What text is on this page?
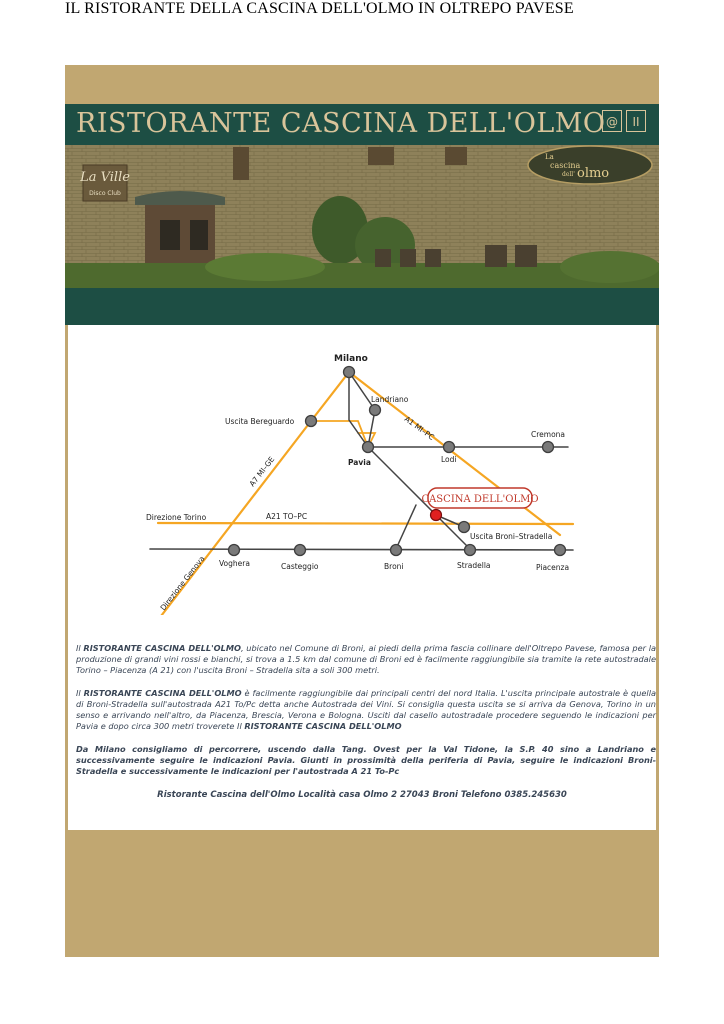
IL RISTORANTE DELLA CASCINA DELL'OLMO IN OLTREPO PAVESE
RISTORANTE CASCINA DELL'OLMO @	II
La Ville
Disco Club
La
cascina
dell' olmo
CASCINA DELL'OLMO
Milano
Landriano
Uscita Bereguardo	A1 MI–PC	Cremona
Pavia	Lodi
A7 MI–GE
Direzione Torino	A21 TO–PC
Uscita Broni–Stradella
Voghera	Casteggio	Broni	Stradella	Piacenza
Direzione Genova
Il RISTORANTE CASCINA DELL'OLMO, ubicato nel Comune di Broni, ai piedi della prima fascia collinare dell'Oltrepo Pavese, famosa per la produzione di grandi vini rossi e bianchi, si trova a 1.5 km dal comune di Broni ed è facilmente raggiungibile sia tramite la rete autostradale Torino – Piacenza (A 21) con l'uscita Broni – Stradella sita a soli 300 metri.
Il RISTORANTE CASCINA DELL'OLMO è facilmente raggiungibile dai principali centri del nord Italia. L'uscita principale autostrale è quella di Broni-Stradella sull'autostrada A21 To/Pc detta anche Autostrada dei Vini. Si consiglia questa uscita se si arriva da Genova, Torino in un senso e arrivando nell'altro, da Piacenza, Brescia, Verona e Bologna. Usciti dal casello autostradale procedere seguendo le indicazioni per Pavia e dopo circa 300 metri troverete Il RISTORANTE CASCINA DELL'OLMO
Da Milano consigliamo di percorrere, uscendo dalla Tang. Ovest per la Val Tidone, la S.P. 40 sino a Landriano e successivamente seguire le indicazioni Pavia. Giunti in prossimità della periferia di Pavia, seguire le indicazioni Broni-Stradella e successivamente le indicazioni per l'autostrada A 21 To-Pc
Ristorante Cascina dell'Olmo Località casa Olmo 2 27043 Broni Telefono 0385.245630
